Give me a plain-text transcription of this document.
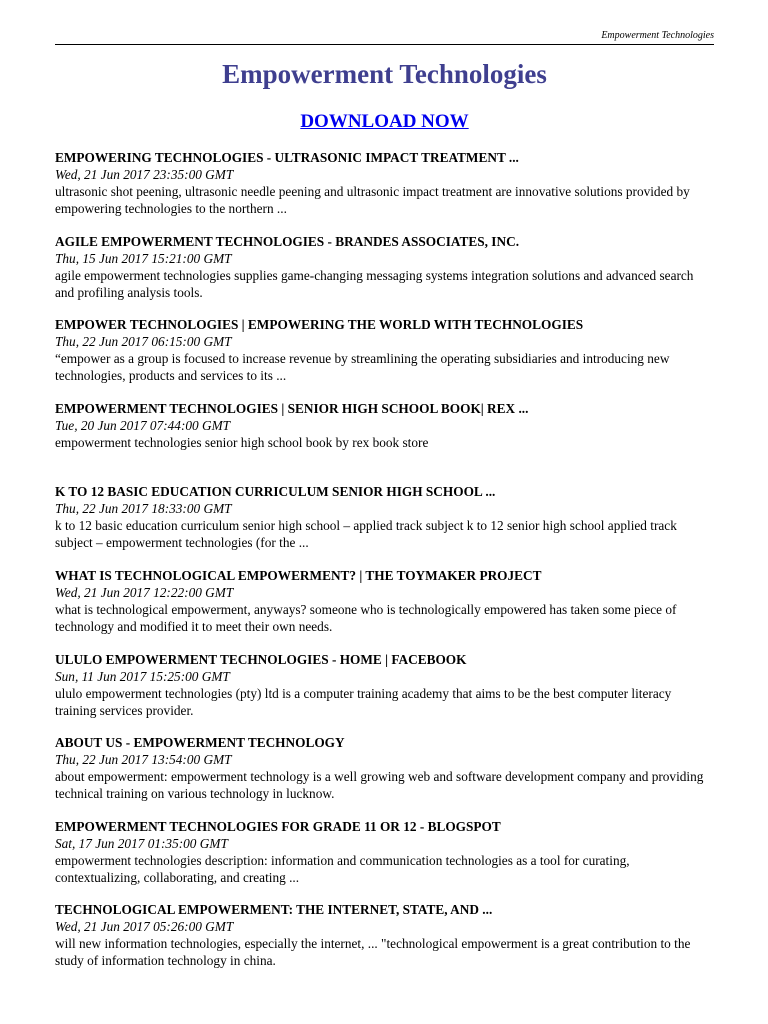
Empowerment Technologies
Empowerment Technologies
DOWNLOAD NOW
EMPOWERING TECHNOLOGIES - ULTRASONIC IMPACT TREATMENT ...
Wed, 21 Jun 2017 23:35:00 GMT
ultrasonic shot peening, ultrasonic needle peening and ultrasonic impact treatment are innovative solutions provided by empowering technologies to the northern ...
AGILE EMPOWERMENT TECHNOLOGIES - BRANDES ASSOCIATES, INC.
Thu, 15 Jun 2017 15:21:00 GMT
agile empowerment technologies supplies game-changing messaging systems integration solutions and advanced search and profiling analysis tools.
EMPOWER TECHNOLOGIES | EMPOWERING THE WORLD WITH TECHNOLOGIES
Thu, 22 Jun 2017 06:15:00 GMT
“empower as a group is focused to increase revenue by streamlining the operating subsidiaries and introducing new technologies, products and services to its ...
EMPOWERMENT TECHNOLOGIES | SENIOR HIGH SCHOOL BOOK| REX ...
Tue, 20 Jun 2017 07:44:00 GMT
empowerment technologies senior high school book by rex book store
K TO 12 BASIC EDUCATION CURRICULUM SENIOR HIGH SCHOOL ...
Thu, 22 Jun 2017 18:33:00 GMT
k to 12 basic education curriculum senior high school – applied track subject k to 12 senior high school applied track subject – empowerment technologies (for the ...
WHAT IS TECHNOLOGICAL EMPOWERMENT? | THE TOYMAKER PROJECT
Wed, 21 Jun 2017 12:22:00 GMT
what is technological empowerment, anyways? someone who is technologically empowered has taken some piece of technology and modified it to meet their own needs.
ULULO EMPOWERMENT TECHNOLOGIES - HOME | FACEBOOK
Sun, 11 Jun 2017 15:25:00 GMT
ululo empowerment technologies (pty) ltd is a computer training academy that aims to be the best computer literacy training services provider.
ABOUT US - EMPOWERMENT TECHNOLOGY
Thu, 22 Jun 2017 13:54:00 GMT
about empowerment: empowerment technology is a well growing web and software development company and providing technical training on various technology in lucknow.
EMPOWERMENT TECHNOLOGIES FOR GRADE 11 OR 12 - BLOGSPOT
Sat, 17 Jun 2017 01:35:00 GMT
empowerment technologies description: information and communication technologies as a tool for curating, contextualizing, collaborating, and creating ...
TECHNOLOGICAL EMPOWERMENT: THE INTERNET, STATE, AND ...
Wed, 21 Jun 2017 05:26:00 GMT
will new information technologies, especially the internet, ... "technological empowerment is a great contribution to the study of information technology in china.
